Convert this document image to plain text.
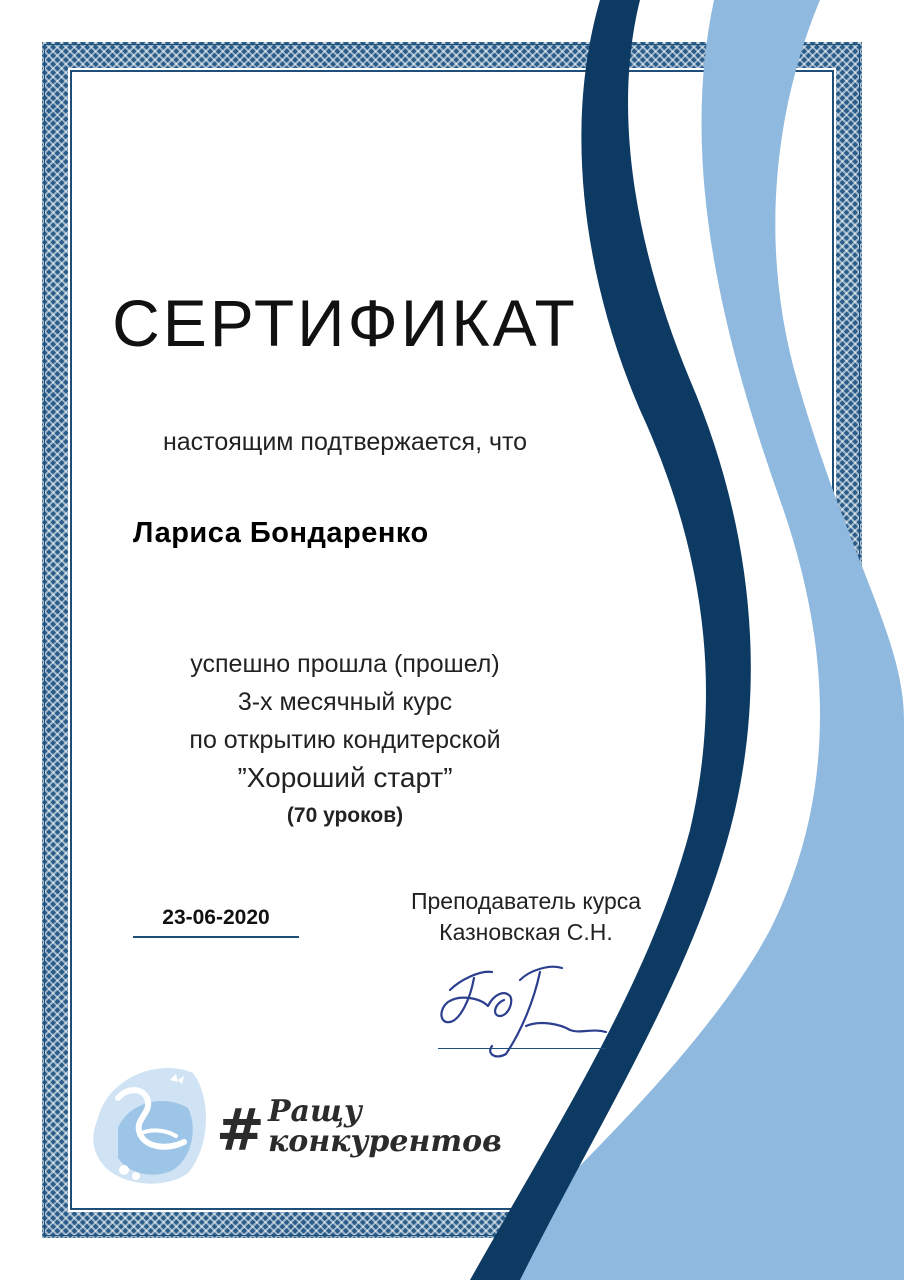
СЕРТИФИКАТ
настоящим подтвержается, что
Лариса Бондаренко
успешно прошла (прошел)
3-х месячный курс
по открытию кондитерской
”Хороший старт”
(70 уроков)
23-06-2020
Преподаватель курса
Казновская С.Н.
# Ращу
конкурентов
